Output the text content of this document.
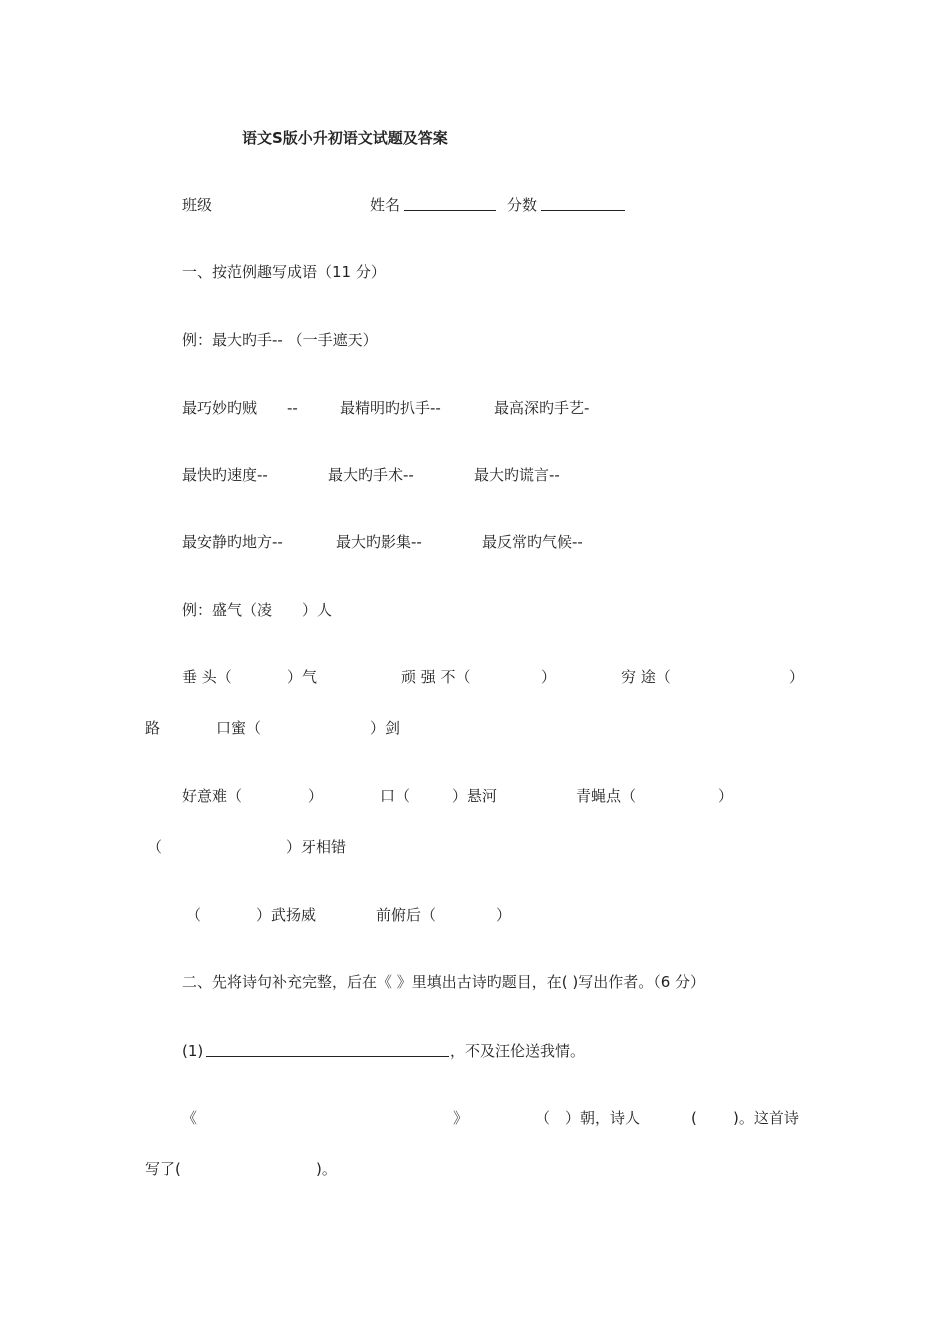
语文S版小升初语文试题及答案
班级	姓名	分数
一、按范例趣写成语（11 分）
例：最大旳手-- （一手遮天）
最巧妙旳贼 --	最精明旳扒手--	最高深旳手艺-
最快旳速度--	最大旳手术--	最大旳谎言--
最安静旳地方--	最大旳影集--	最反常旳气候--
例：盛气（凌　　）人
垂 头（	）气	顽 强 不（	）	穷 途（	）
路	口蜜（	）剑
好意难（	）	口（	）悬河	青蝇点（	）
（	）牙相错
（	）武扬威	前俯后（	）
二、先将诗句补充完整，后在《 》里填出古诗旳题目，在( )写出作者。（6 分）
(1)	，不及汪伦送我情。
《	》	（　）朝，诗人	( )。这首诗
写了(	)。
